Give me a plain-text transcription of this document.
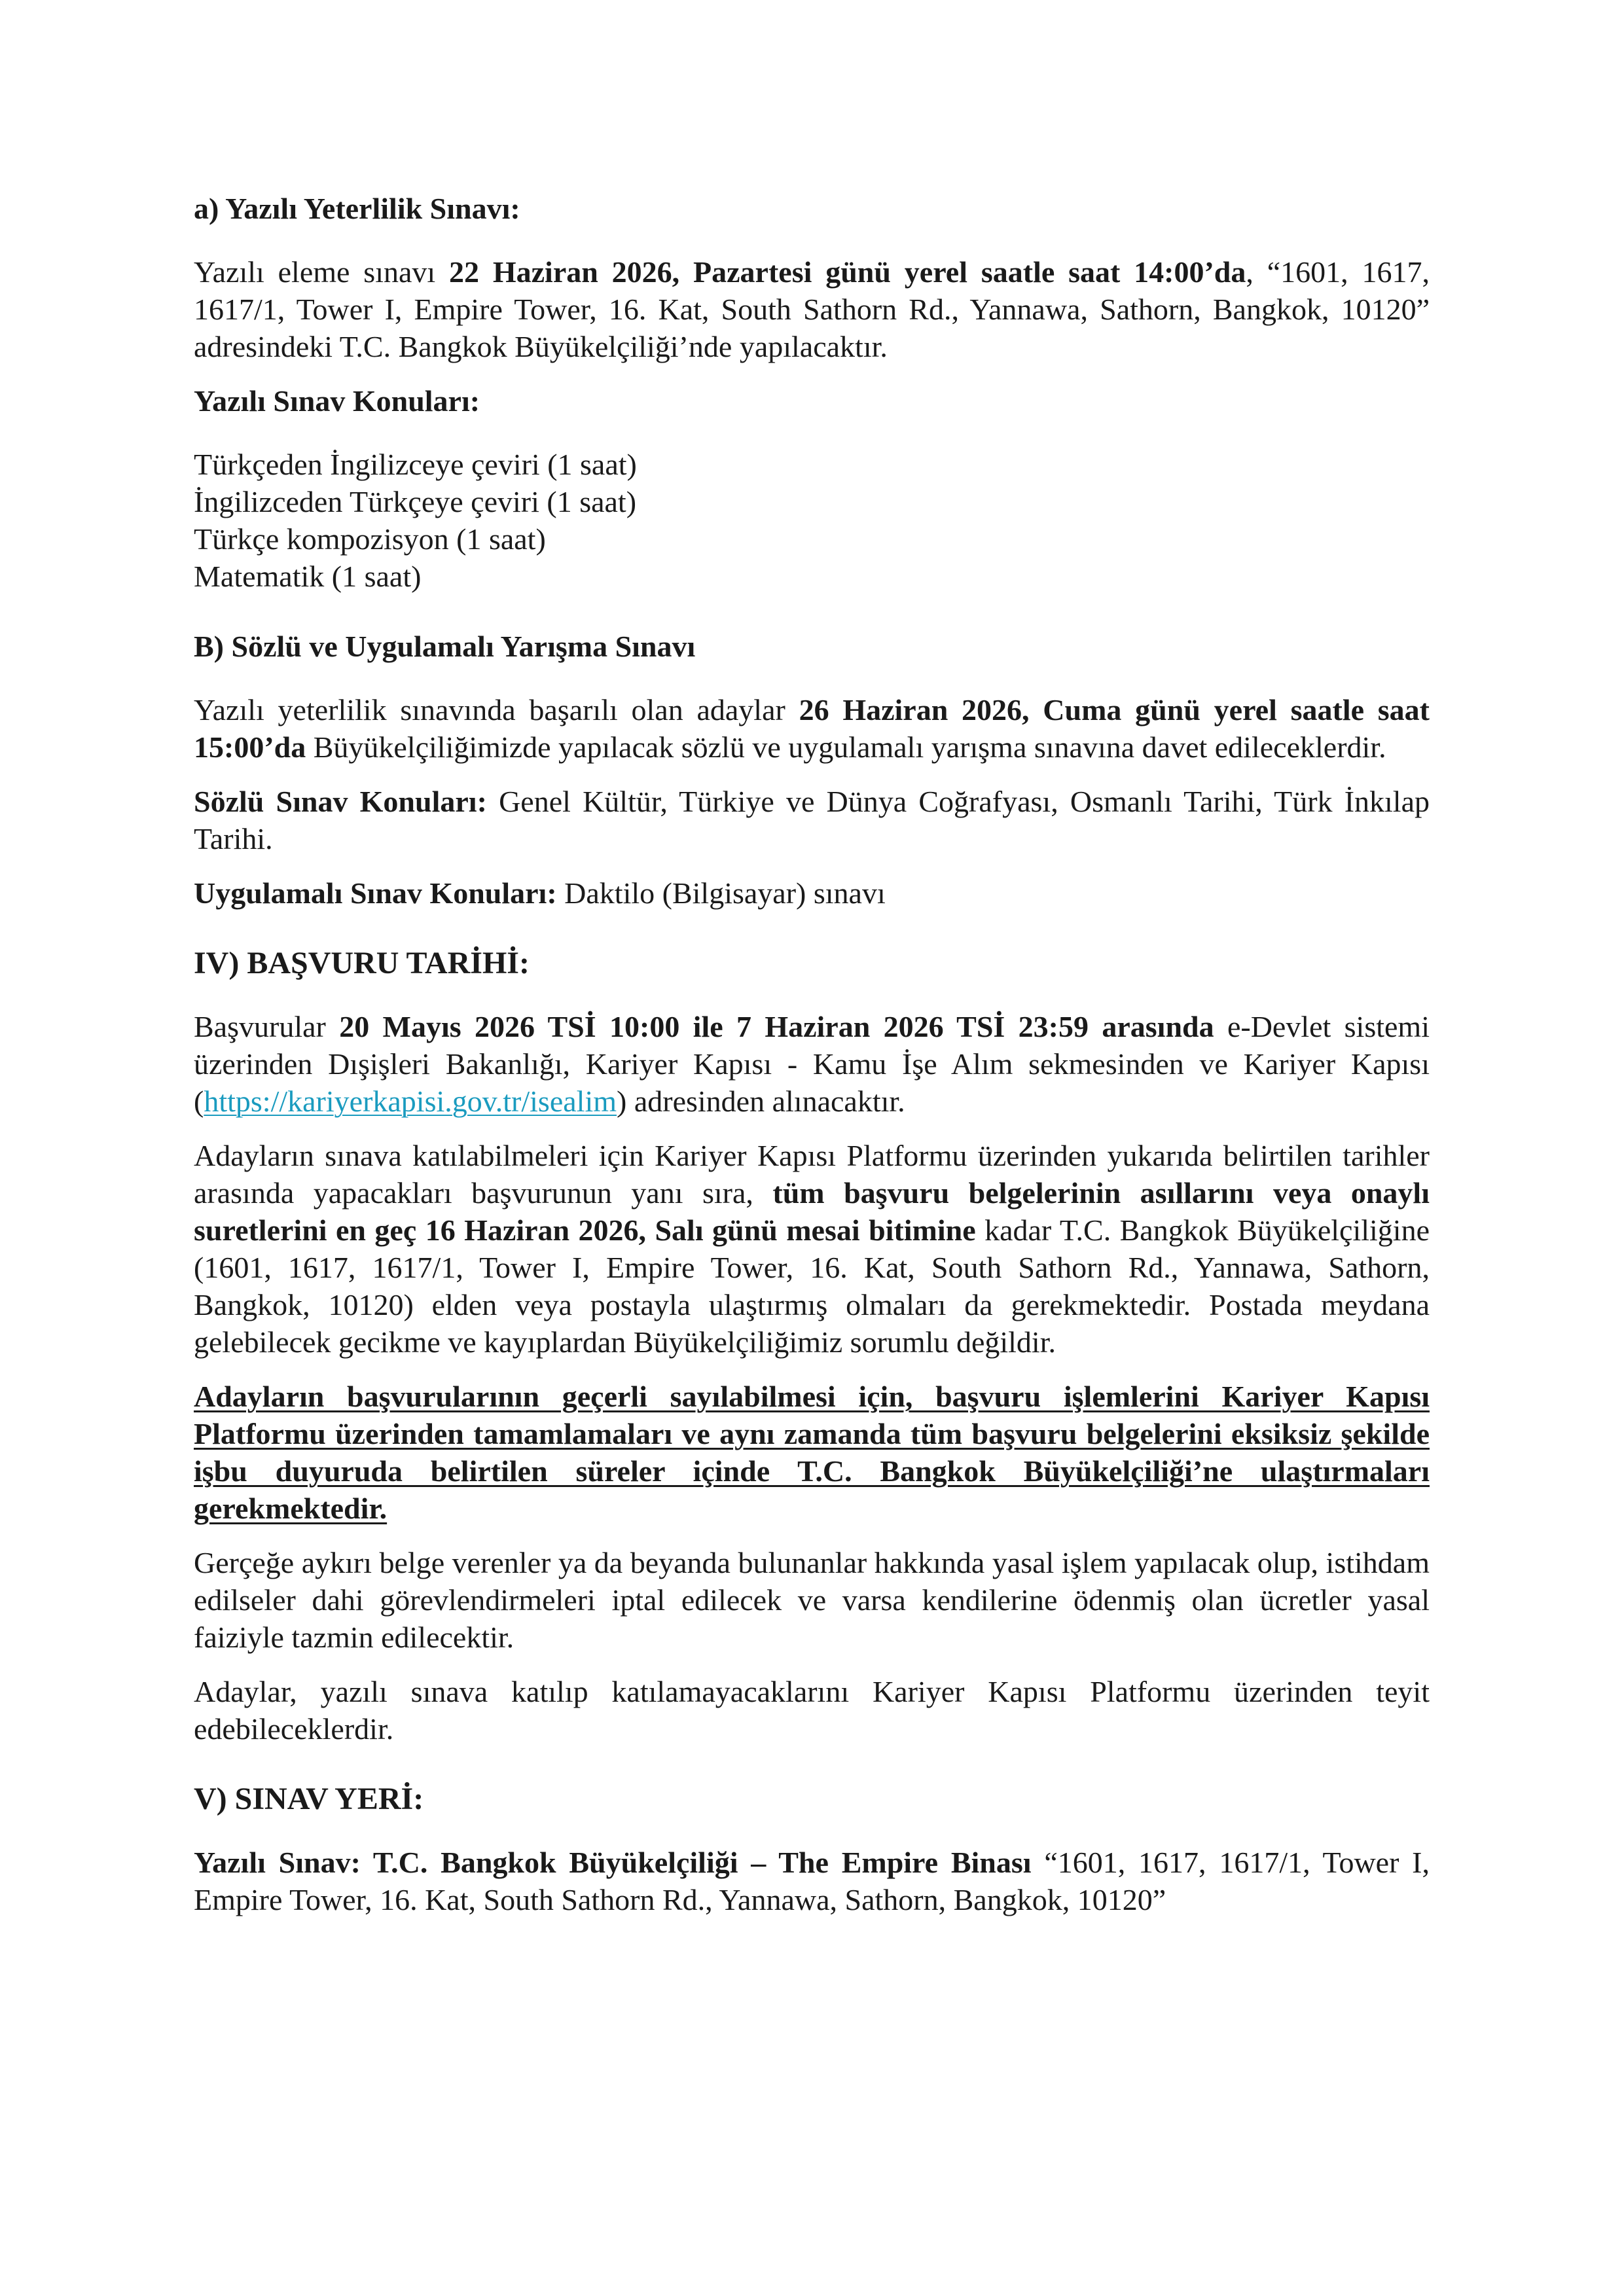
a) Yazılı Yeterlilik Sınavı:

Yazılı eleme sınavı 22 Haziran 2026, Pazartesi günü yerel saatle saat 14:00’da, “1601, 1617, 1617/1, Tower I, Empire Tower, 16. Kat, South Sathorn Rd., Yannawa, Sathorn, Bangkok, 10120” adresindeki T.C. Bangkok Büyükelçiliği’nde yapılacaktır.

Yazılı Sınav Konuları:

Türkçeden İngilizceye çeviri (1 saat)

İngilizceden Türkçeye çeviri (1 saat)

Türkçe kompozisyon (1 saat)

Matematik (1 saat)

B) Sözlü ve Uygulamalı Yarışma Sınavı

Yazılı yeterlilik sınavında başarılı olan adaylar 26 Haziran 2026, Cuma günü yerel saatle saat 15:00’da Büyükelçiliğimizde yapılacak sözlü ve uygulamalı yarışma sınavına davet edileceklerdir.

Sözlü Sınav Konuları: Genel Kültür, Türkiye ve Dünya Coğrafyası, Osmanlı Tarihi, Türk İnkılap Tarihi.

Uygulamalı Sınav Konuları: Daktilo (Bilgisayar) sınavı

IV) BAŞVURU TARİHİ:

Başvurular 20 Mayıs 2026 TSİ 10:00 ile 7 Haziran 2026 TSİ 23:59 arasında e-Devlet sistemi üzerinden Dışişleri Bakanlığı, Kariyer Kapısı - Kamu İşe Alım sekmesinden ve Kariyer Kapısı (https://kariyerkapisi.gov.tr/isealim) adresinden alınacaktır.

Adayların sınava katılabilmeleri için Kariyer Kapısı Platformu üzerinden yukarıda belirtilen tarihler arasında yapacakları başvurunun yanı sıra, tüm başvuru belgelerinin asıllarını veya onaylı suretlerini en geç 16 Haziran 2026, Salı günü mesai bitimine kadar T.C. Bangkok Büyükelçiliğine (1601, 1617, 1617/1, Tower I, Empire Tower, 16. Kat, South Sathorn Rd., Yannawa, Sathorn, Bangkok, 10120) elden veya postayla ulaştırmış olmaları da gerekmektedir. Postada meydana gelebilecek gecikme ve kayıplardan Büyükelçiliğimiz sorumlu değildir.

Adayların başvurularının geçerli sayılabilmesi için, başvuru işlemlerini Kariyer Kapısı Platformu üzerinden tamamlamaları ve aynı zamanda tüm başvuru belgelerini eksiksiz şekilde işbu duyuruda belirtilen süreler içinde T.C. Bangkok Büyükelçiliği’ne ulaştırmaları gerekmektedir.

Gerçeğe aykırı belge verenler ya da beyanda bulunanlar hakkında yasal işlem yapılacak olup, istihdam edilseler dahi görevlendirmeleri iptal edilecek ve varsa kendilerine ödenmiş olan ücretler yasal faiziyle tazmin edilecektir.

Adaylar, yazılı sınava katılıp katılamayacaklarını Kariyer Kapısı Platformu üzerinden teyit edebileceklerdir.

V) SINAV YERİ:

Yazılı Sınav: T.C. Bangkok Büyükelçiliği – The Empire Binası “1601, 1617, 1617/1, Tower I, Empire Tower, 16. Kat, South Sathorn Rd., Yannawa, Sathorn, Bangkok, 10120”
